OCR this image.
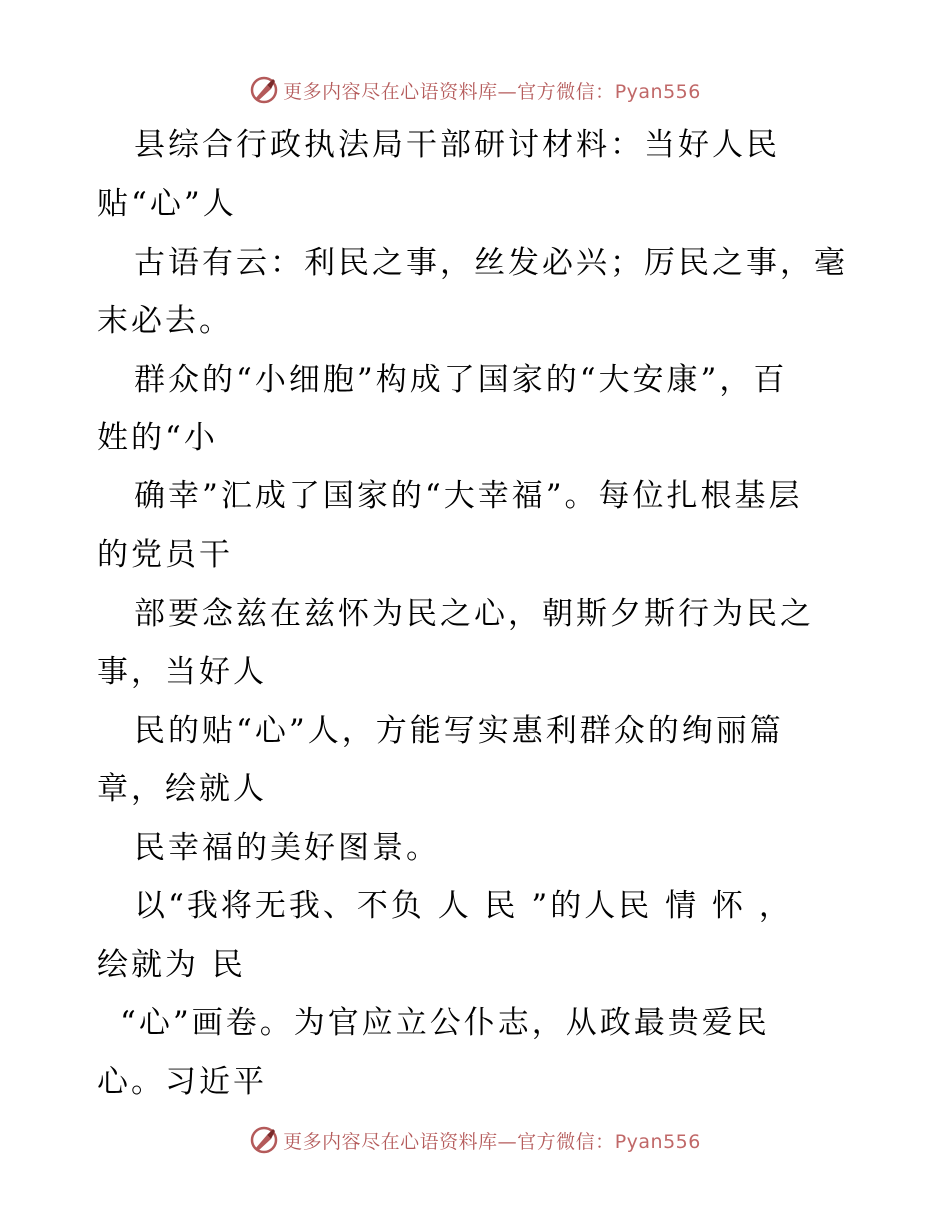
更多内容尽在心语资料库—官方微信：Pyan556
县综合行政执法局干部研讨材料：当好人民
贴“心”人
古语有云：利民之事，丝发必兴；厉民之事，毫
末必去。
群众的“小细胞”构成了国家的“大安康”，百
姓的“小
确幸”汇成了国家的“大幸福”。每位扎根基层
的党员干
部要念兹在兹怀为民之心，朝斯夕斯行为民之
事，当好人
民的贴“心”人，方能写实惠利群众的绚丽篇
章，绘就人
民幸福的美好图景。
以“我将无我、不负 人 民 ”的人民 情 怀 ，
绘就为 民
“心”画卷。为官应立公仆志，从政最贵爱民
心。习近平
更多内容尽在心语资料库—官方微信：Pyan556
